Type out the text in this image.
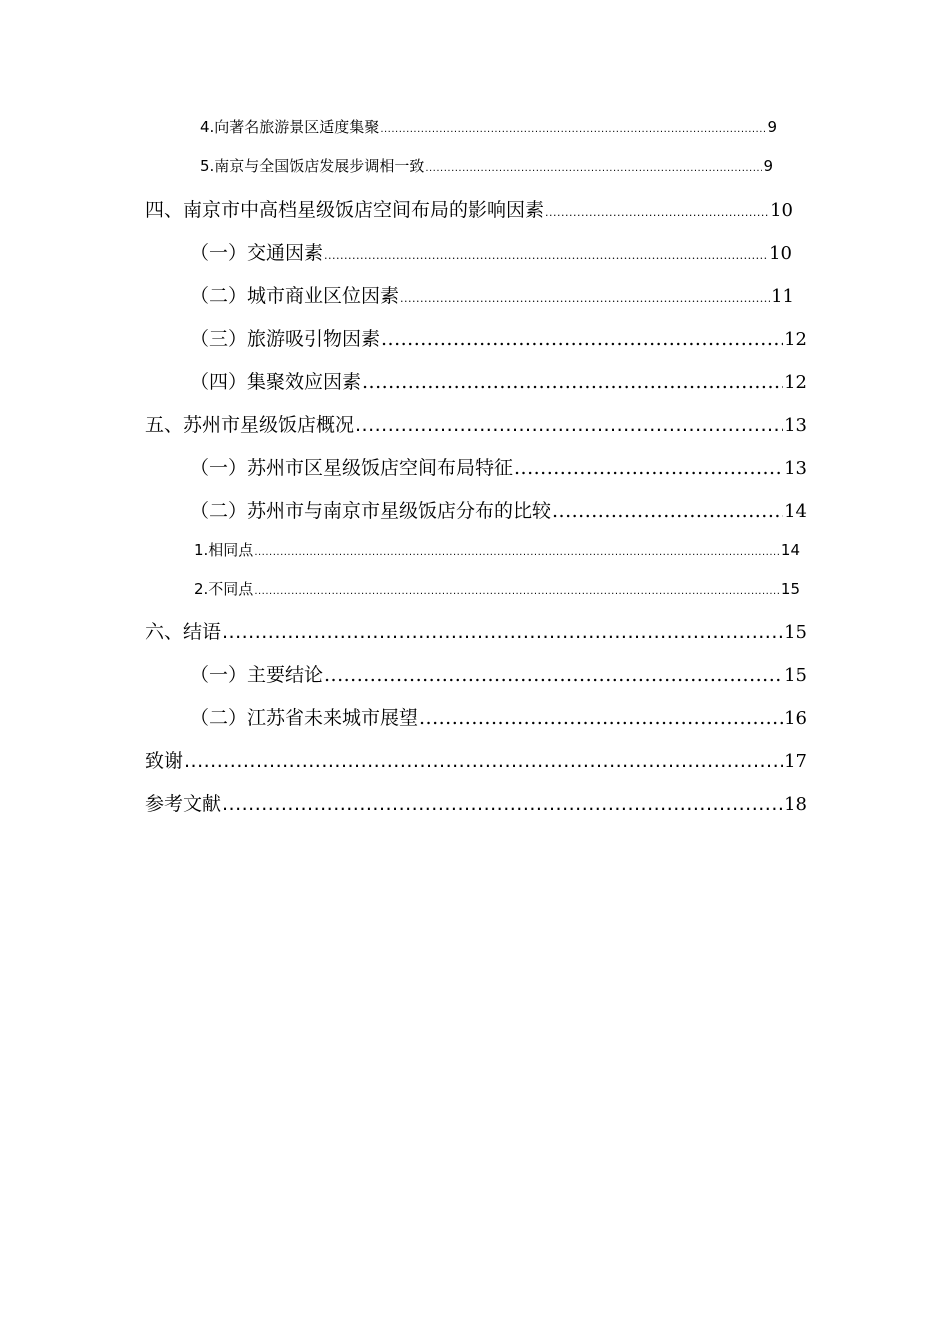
4.向著名旅游景区适度集聚 .....	9
5.南京与全国饭店发展步调相一致 .....	9
四、南京市中高档星级饭店空间布局的影响因素 .....	10
（一）交通因素 .....	10
（二）城市商业区位因素 .....	11
（三）旅游吸引物因素 .....	12
（四）集聚效应因素 .....	12
五、苏州市星级饭店概况 .....	13
（一）苏州市区星级饭店空间布局特征 .....	13
（二）苏州市与南京市星级饭店分布的比较 .....	14
1.相同点 .....	14
2.不同点 .....	15
六、结语 .....	15
（一）主要结论 .....	15
（二）江苏省未来城市展望 .....	16
致谢 .....	17
参考文献 .....	18
